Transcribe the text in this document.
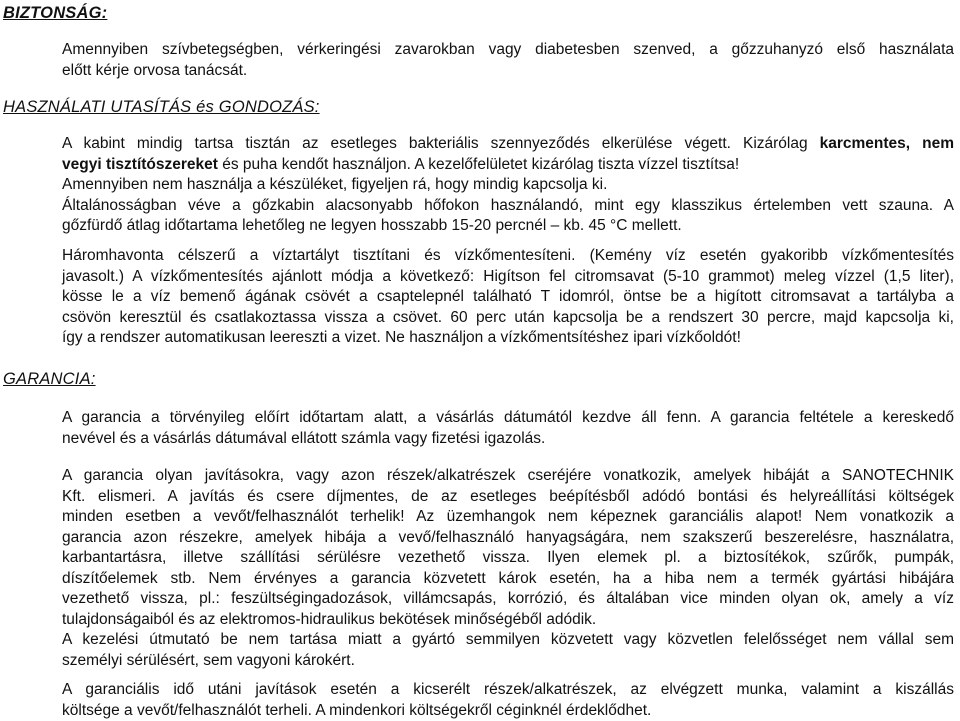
BIZTONSÁG:
Amennyiben szívbetegségben, vérkeringési zavarokban vagy diabetesben szenved, a gőzzuhanyzó első használata
előtt kérje orvosa tanácsát.
HASZNÁLATI UTASÍTÁS és GONDOZÁS:
A kabint mindig tartsa tisztán az esetleges bakteriális szennyeződés elkerülése végett. Kizárólag karcmentes, nem
vegyi tisztítószereket és puha kendőt használjon. A kezelőfelületet kizárólag tiszta vízzel tisztítsa!
Amennyiben nem használja a készüléket, figyeljen rá, hogy mindig kapcsolja ki.
Általánosságban véve a gőzkabin alacsonyabb hőfokon használandó, mint egy klasszikus értelemben vett szauna. A
gőzfürdő átlag időtartama lehetőleg ne legyen hosszabb 15-20 percnél – kb. 45 °C mellett.
Háromhavonta célszerű a víztartályt tisztítani és vízkőmentesíteni. (Kemény víz esetén gyakoribb vízkőmentesítés
javasolt.) A vízkőmentesítés ajánlott módja a következő: Higítson fel citromsavat (5-10 grammot) meleg vízzel (1,5 liter),
kösse le a víz bemenő ágának csövét a csaptelepnél található T idomról, öntse be a higított citromsavat a tartályba a
csövön keresztül és csatlakoztassa vissza a csövet. 60 perc után kapcsolja be a rendszert 30 percre, majd kapcsolja ki,
így a rendszer automatikusan leereszti a vizet. Ne használjon a vízkőmentsítéshez ipari vízkőoldót!
GARANCIA:
A garancia a törvényileg előírt időtartam alatt, a vásárlás dátumától kezdve áll fenn. A garancia feltétele a kereskedő
nevével és a vásárlás dátumával ellátott számla vagy fizetési igazolás.
A garancia olyan javításokra, vagy azon részek/alkatrészek cseréjére vonatkozik, amelyek hibáját a SANOTECHNIK
Kft. elismeri. A javítás és csere díjmentes, de az esetleges beépítésből adódó bontási és helyreállítási költségek
minden esetben a vevőt/felhasználót terhelik! Az üzemhangok nem képeznek garanciális alapot! Nem vonatkozik a
garancia azon részekre, amelyek hibája a vevő/felhasználó hanyagságára, nem szakszerű beszerelésre, használatra,
karbantartásra, illetve szállítási sérülésre vezethető vissza. Ilyen elemek pl. a biztosítékok, szűrők, pumpák,
díszítőelemek stb. Nem érvényes a garancia közvetett károk esetén, ha a hiba nem a termék gyártási hibájára
vezethető vissza, pl.: feszültségingadozások, villámcsapás, korrózió, és általában vice minden olyan ok, amely a víz
tulajdonságaiból és az elektromos-hidraulikus bekötések minőségéből adódik.
A kezelési útmutató be nem tartása miatt a gyártó semmilyen közvetett vagy közvetlen felelősséget nem vállal sem
személyi sérülésért, sem vagyoni károkért.
A garanciális idő utáni javítások esetén a kicserélt részek/alkatrészek, az elvégzett munka, valamint a kiszállás
költsége a vevőt/felhasználót terheli. A mindenkori költségekről céginknél érdeklődhet.
